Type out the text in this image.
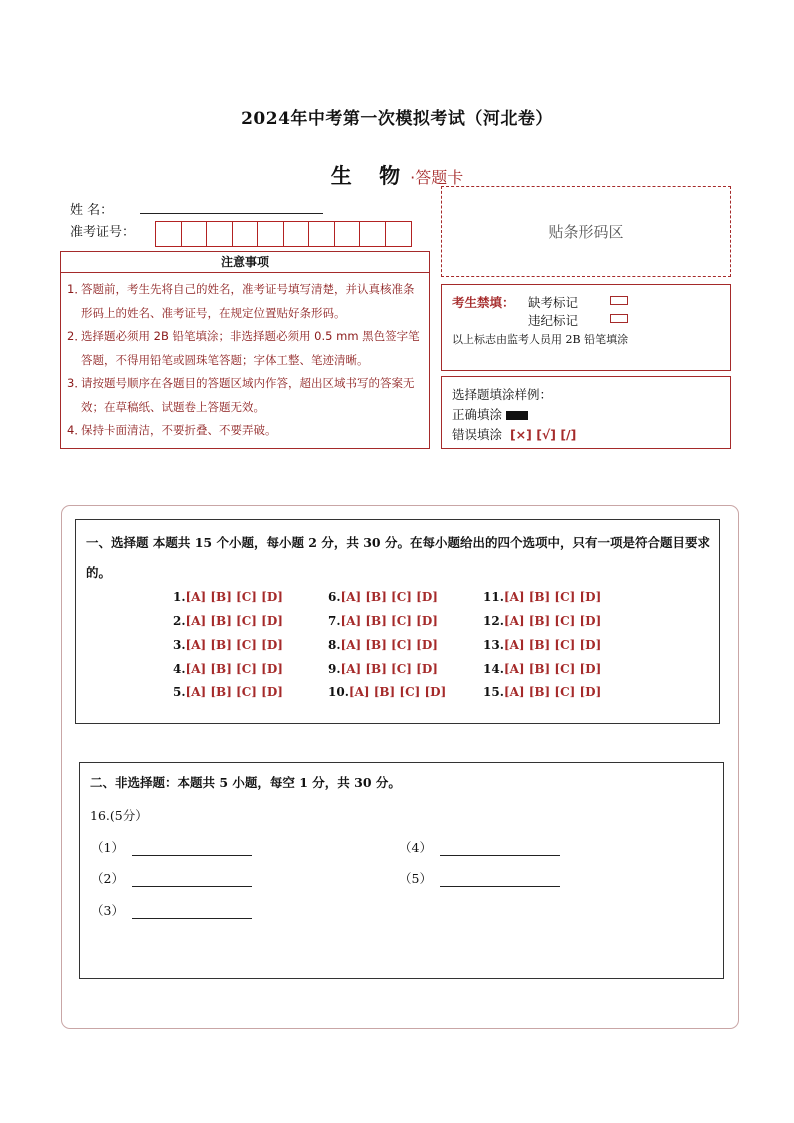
2024年中考第一次模拟考试（河北卷）
生 物·答题卡
姓 名：
准考证号：	贴条形码区
注意事项
1．
答题前，考生先将自己的姓名，准考证号填写清楚，并认真核准条形码上的姓名、准考证号，在规定位置贴好条形码。
2．
选择题必须用 2B 铅笔填涂；非选择题必须用 0.5 mm 黑色签字笔答题，不得用铅笔或圆珠笔答题；字体工整、笔迹清晰。
3．
请按题号顺序在各题目的答题区域内作答，超出区域书写的答案无效；在草稿纸、试题卷上答题无效。
4．
保持卡面清洁，不要折叠、不要弄破。
考生禁填： 缺考标记
违纪标记
以上标志由监考人员用 2B 铅笔填涂
选择题填涂样例：
正确填涂
错误填涂 [×] [√] [/]
一、选择题 本题共 15 个小题，每小题 2 分，共 30 分。在每小题给出的四个选项中，只有一项是符合题目要求的。
1.[A] [B] [C] [D]
2.[A] [B] [C] [D]
3.[A] [B] [C] [D]
4.[A] [B] [C] [D]
5.[A] [B] [C] [D]
6.[A] [B] [C] [D]
7.[A] [B] [C] [D]
8.[A] [B] [C] [D]
9.[A] [B] [C] [D]
10.[A] [B] [C] [D]
11.[A] [B] [C] [D]
12.[A] [B] [C] [D]
13.[A] [B] [C] [D]
14.[A] [B] [C] [D]
15.[A] [B] [C] [D]
二、非选择题：本题共 5 小题，每空 1 分，共 30 分。
16.(5分）
（1）
（2）
（3）
（4）
（5）
